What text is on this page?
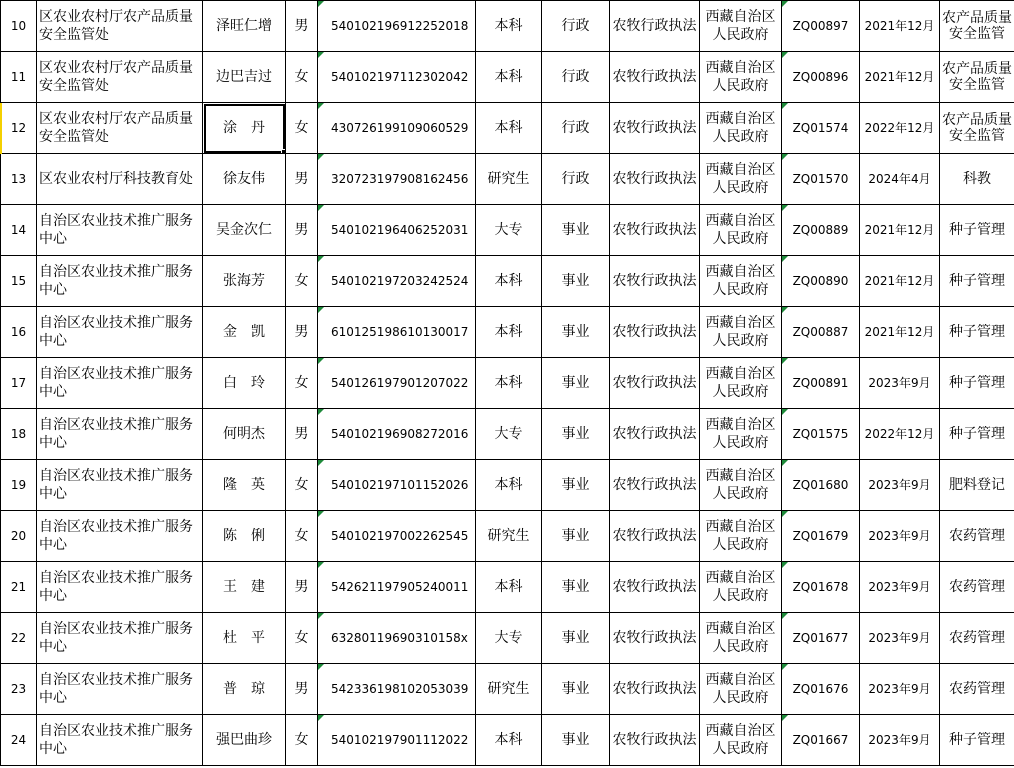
10	区农业农村厅农产品质量安全监管处	泽旺仁增	男	540102196912252018	本科	行政	农牧行政执法	西藏自治区人民政府	ZQ00897	2021年12月	农产品质量安全监管

11	区农业农村厅农产品质量安全监管处	边巴吉过	女	540102197112302042	本科	行政	农牧行政执法	西藏自治区人民政府	ZQ00896	2021年12月	农产品质量安全监管

12	区农业农村厅农产品质量安全监管处	涂　丹	女	430726199109060529	本科	行政	农牧行政执法	西藏自治区人民政府	ZQ01574	2022年12月	农产品质量安全监管

13	区农业农村厅科技教育处	徐友伟	男	320723197908162456	研究生	行政	农牧行政执法	西藏自治区人民政府	ZQ01570	2024年4月	科教

14	自治区农业技术推广服务中心	吴金次仁	男	540102196406252031	大专	事业	农牧行政执法	西藏自治区人民政府	ZQ00889	2021年12月	种子管理

15	自治区农业技术推广服务中心	张海芳	女	540102197203242524	本科	事业	农牧行政执法	西藏自治区人民政府	ZQ00890	2021年12月	种子管理

16	自治区农业技术推广服务中心	金　凯	男	610125198610130017	本科	事业	农牧行政执法	西藏自治区人民政府	ZQ00887	2021年12月	种子管理

17	自治区农业技术推广服务中心	白　玲	女	540126197901207022	本科	事业	农牧行政执法	西藏自治区人民政府	ZQ00891	2023年9月	种子管理

18	自治区农业技术推广服务中心	何明杰	男	540102196908272016	大专	事业	农牧行政执法	西藏自治区人民政府	ZQ01575	2022年12月	种子管理

19	自治区农业技术推广服务中心	隆　英	女	540102197101152026	本科	事业	农牧行政执法	西藏自治区人民政府	ZQ01680	2023年9月	肥料登记

20	自治区农业技术推广服务中心	陈　俐	女	540102197002262545	研究生	事业	农牧行政执法	西藏自治区人民政府	ZQ01679	2023年9月	农药管理

21	自治区农业技术推广服务中心	王　建	男	542621197905240011	本科	事业	农牧行政执法	西藏自治区人民政府	ZQ01678	2023年9月	农药管理

22	自治区农业技术推广服务中心	杜　平	女	63280119690310158x	大专	事业	农牧行政执法	西藏自治区人民政府	ZQ01677	2023年9月	农药管理

23	自治区农业技术推广服务中心	普　琼	男	542336198102053039	研究生	事业	农牧行政执法	西藏自治区人民政府	ZQ01676	2023年9月	农药管理

24	自治区农业技术推广服务中心	强巴曲珍	女	540102197901112022	本科	事业	农牧行政执法	西藏自治区人民政府	ZQ01667	2023年9月	种子管理
